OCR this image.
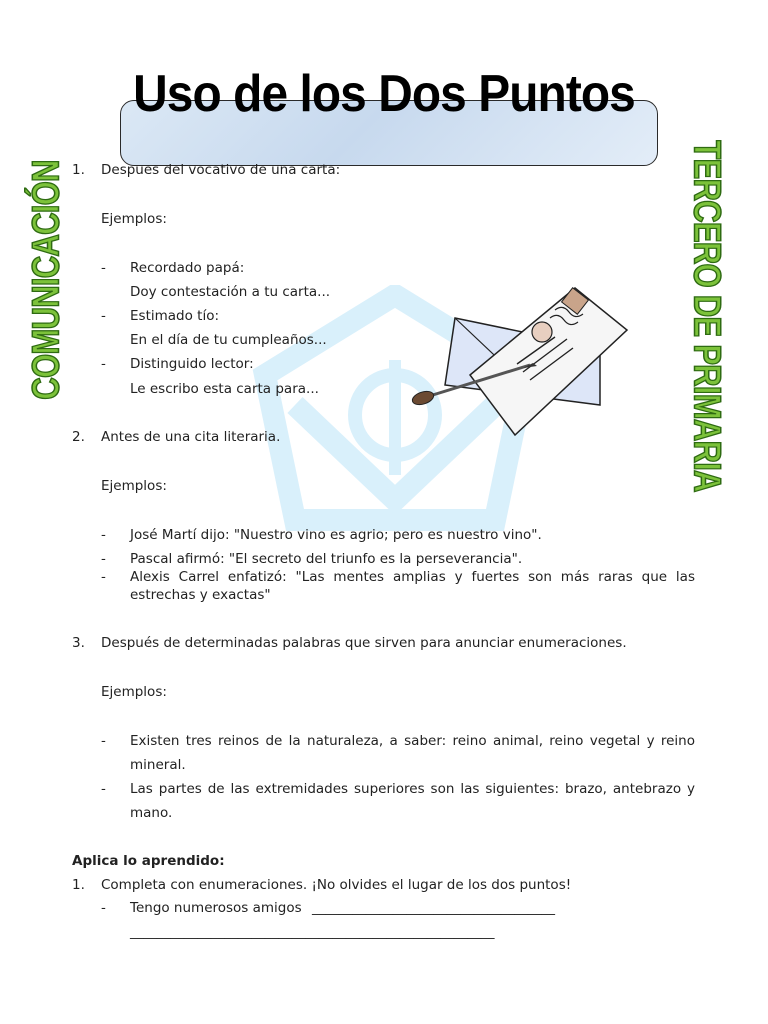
Uso de los Dos Puntos
COMUNICACIÓN	TERCERO DE PRIMARIA
1. Despues del vocativo de una carta:
Ejemplos:
- Recordado papá:
Doy contestación a tu carta...
- Estimado tío:
En el día de tu cumpleaños...
- Distinguido lector:
Le escribo esta carta para...
2. Antes de una cita literaria.
Ejemplos:
- José Martí dijo: "Nuestro vino es agrio; pero es nuestro vino".
- Pascal afirmó: "El secreto del triunfo es la perseverancia".
- Alexis Carrel enfatizó: "Las mentes amplias y fuertes son más raras que las
estrechas y exactas"
3. Después de determinadas palabras que sirven para anunciar enumeraciones.
Ejemplos:
- Existen tres reinos de la naturaleza, a saber: reino animal, reino vegetal y reino
mineral.
- Las partes de las extremidades superiores son las siguientes: brazo, antebrazo y
mano.
Aplica lo aprendido:
1. Completa con enumeraciones. ¡No olvides el lugar de los dos puntos!
- Tengo numerosos amigos ____________________________________
______________________________________________________
